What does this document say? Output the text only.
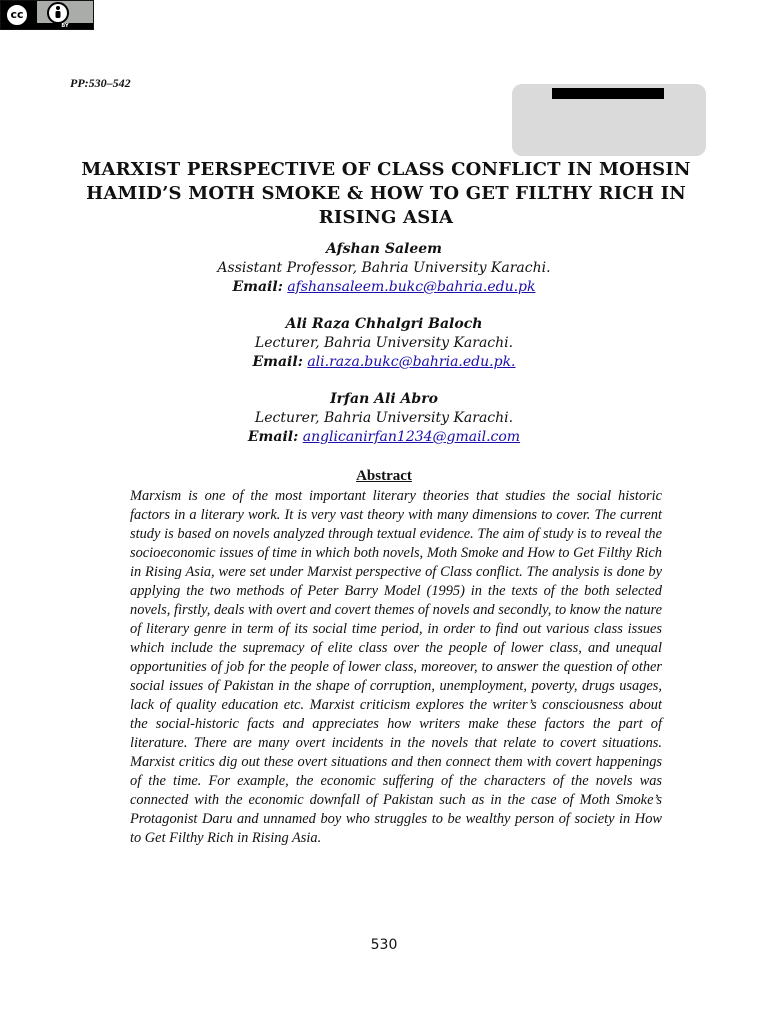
cc
BY
PP:530–542
MARXIST PERSPECTIVE OF CLASS CONFLICT IN MOHSIN HAMID’S MOTH SMOKE & HOW TO GET FILTHY RICH IN RISING ASIA
Afshan Saleem
Assistant Professor, Bahria University Karachi.
Email: afshansaleem.bukc@bahria.edu.pk
Ali Raza Chhalgri Baloch
Lecturer, Bahria University Karachi.
Email: ali.raza.bukc@bahria.edu.pk.
Irfan Ali Abro
Lecturer, Bahria University Karachi.
Email: anglicanirfan1234@gmail.com
Abstract

Marxism is one of the most important literary theories that studies the social historic factors in a literary work. It is very vast theory with many dimensions to cover. The current study is based on novels analyzed through textual evidence. The aim of study is to reveal the socioeconomic issues of time in which both novels, Moth Smoke and How to Get Filthy Rich in Rising Asia, were set under Marxist perspective of Class conflict. The analysis is done by applying the two methods of Peter Barry Model (1995) in the texts of the both selected novels, firstly, deals with overt and covert themes of novels and secondly, to know the nature of literary genre in term of its social time period, in order to find out various class issues which include the supremacy of elite class over the people of lower class, and unequal opportunities of job for the people of lower class, moreover, to answer the question of other social issues of Pakistan in the shape of corruption, unemployment, poverty, drugs usages, lack of quality education etc. Marxist criticism explores the writer’s consciousness about the social-historic facts and appreciates how writers make these factors the part of literature. There are many overt incidents in the novels that relate to covert situations. Marxist critics dig out these overt situations and then connect them with covert happenings of the time. For example, the economic suffering of the characters of the novels was connected with the economic downfall of Pakistan such as in the case of Moth Smoke’s Protagonist Daru and unnamed boy who struggles to be wealthy person of society in How to Get Filthy Rich in Rising Asia.

530
